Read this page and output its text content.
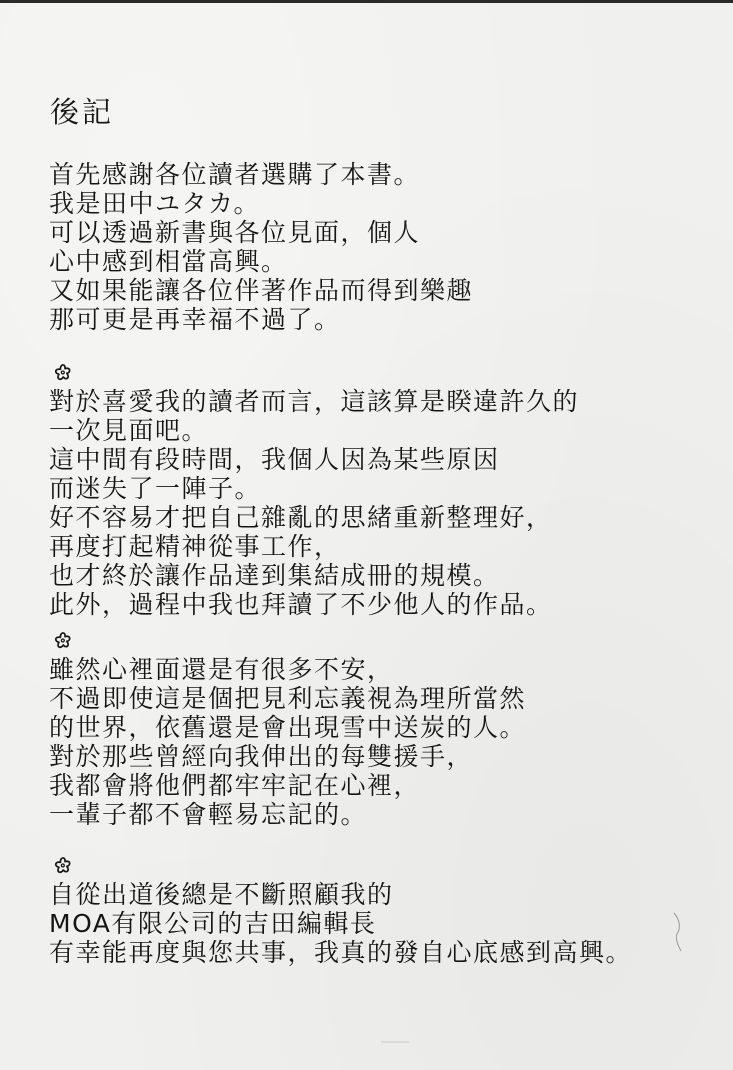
後記
首先感謝各位讀者選購了本書。
我是田中ユタカ。
可以透過新書與各位見面，個人
心中感到相當高興。
又如果能讓各位伴著作品而得到樂趣
那可更是再幸福不過了。
對於喜愛我的讀者而言，這該算是睽違許久的
一次見面吧。
這中間有段時間，我個人因為某些原因
而迷失了一陣子。
好不容易才把自己雜亂的思緒重新整理好，
再度打起精神從事工作，
也才終於讓作品達到集結成冊的規模。
此外，過程中我也拜讀了不少他人的作品。
雖然心裡面還是有很多不安，
不過即使這是個把見利忘義視為理所當然
的世界，依舊還是會出現雪中送炭的人。
對於那些曾經向我伸出的每雙援手，
我都會將他們都牢牢記在心裡，
一輩子都不會輕易忘記的。
自從出道後總是不斷照顧我的
MOA有限公司的吉田編輯長
有幸能再度與您共事，我真的發自心底感到高興。
